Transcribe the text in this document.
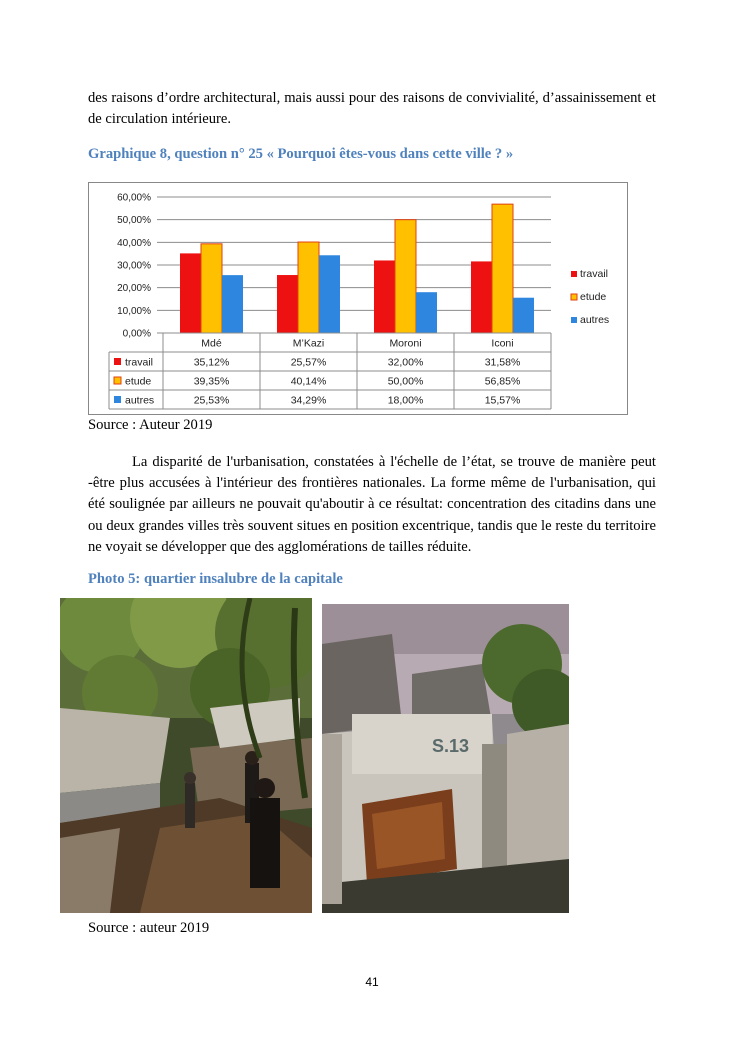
des raisons d’ordre architectural, mais aussi pour des raisons de convivialité, d’assainissement et de circulation intérieure.

Graphique 8, question n° 25 « Pourquoi êtes-vous dans cette ville ? »

0,00%
10,00%
20,00%
30,00%
40,00%
50,00%
60,00%
Mdé	M’Kazi	Moroni	Iconi
travail	35,12%	25,57%	32,00%	31,58%
etude	39,35%	40,14%	50,00%	56,85%
autres	25,53%	34,29%	18,00%	15,57%
travail
etude
autres

Source : Auteur 2019

La disparité de l'urbanisation, constatées à l'échelle de l’état, se trouve de manière peut -être plus accusées à l'intérieur des frontières nationales. La forme même de l'urbanisation, qui été soulignée par ailleurs ne pouvait qu'aboutir à ce résultat: concentration des citadins dans une ou deux grandes villes très souvent situes en position excentrique, tandis que le reste du territoire ne voyait se développer que des agglomérations de tailles réduite.

Photo 5: quartier insalubre de la capitale

S.13

Source : auteur 2019

41
